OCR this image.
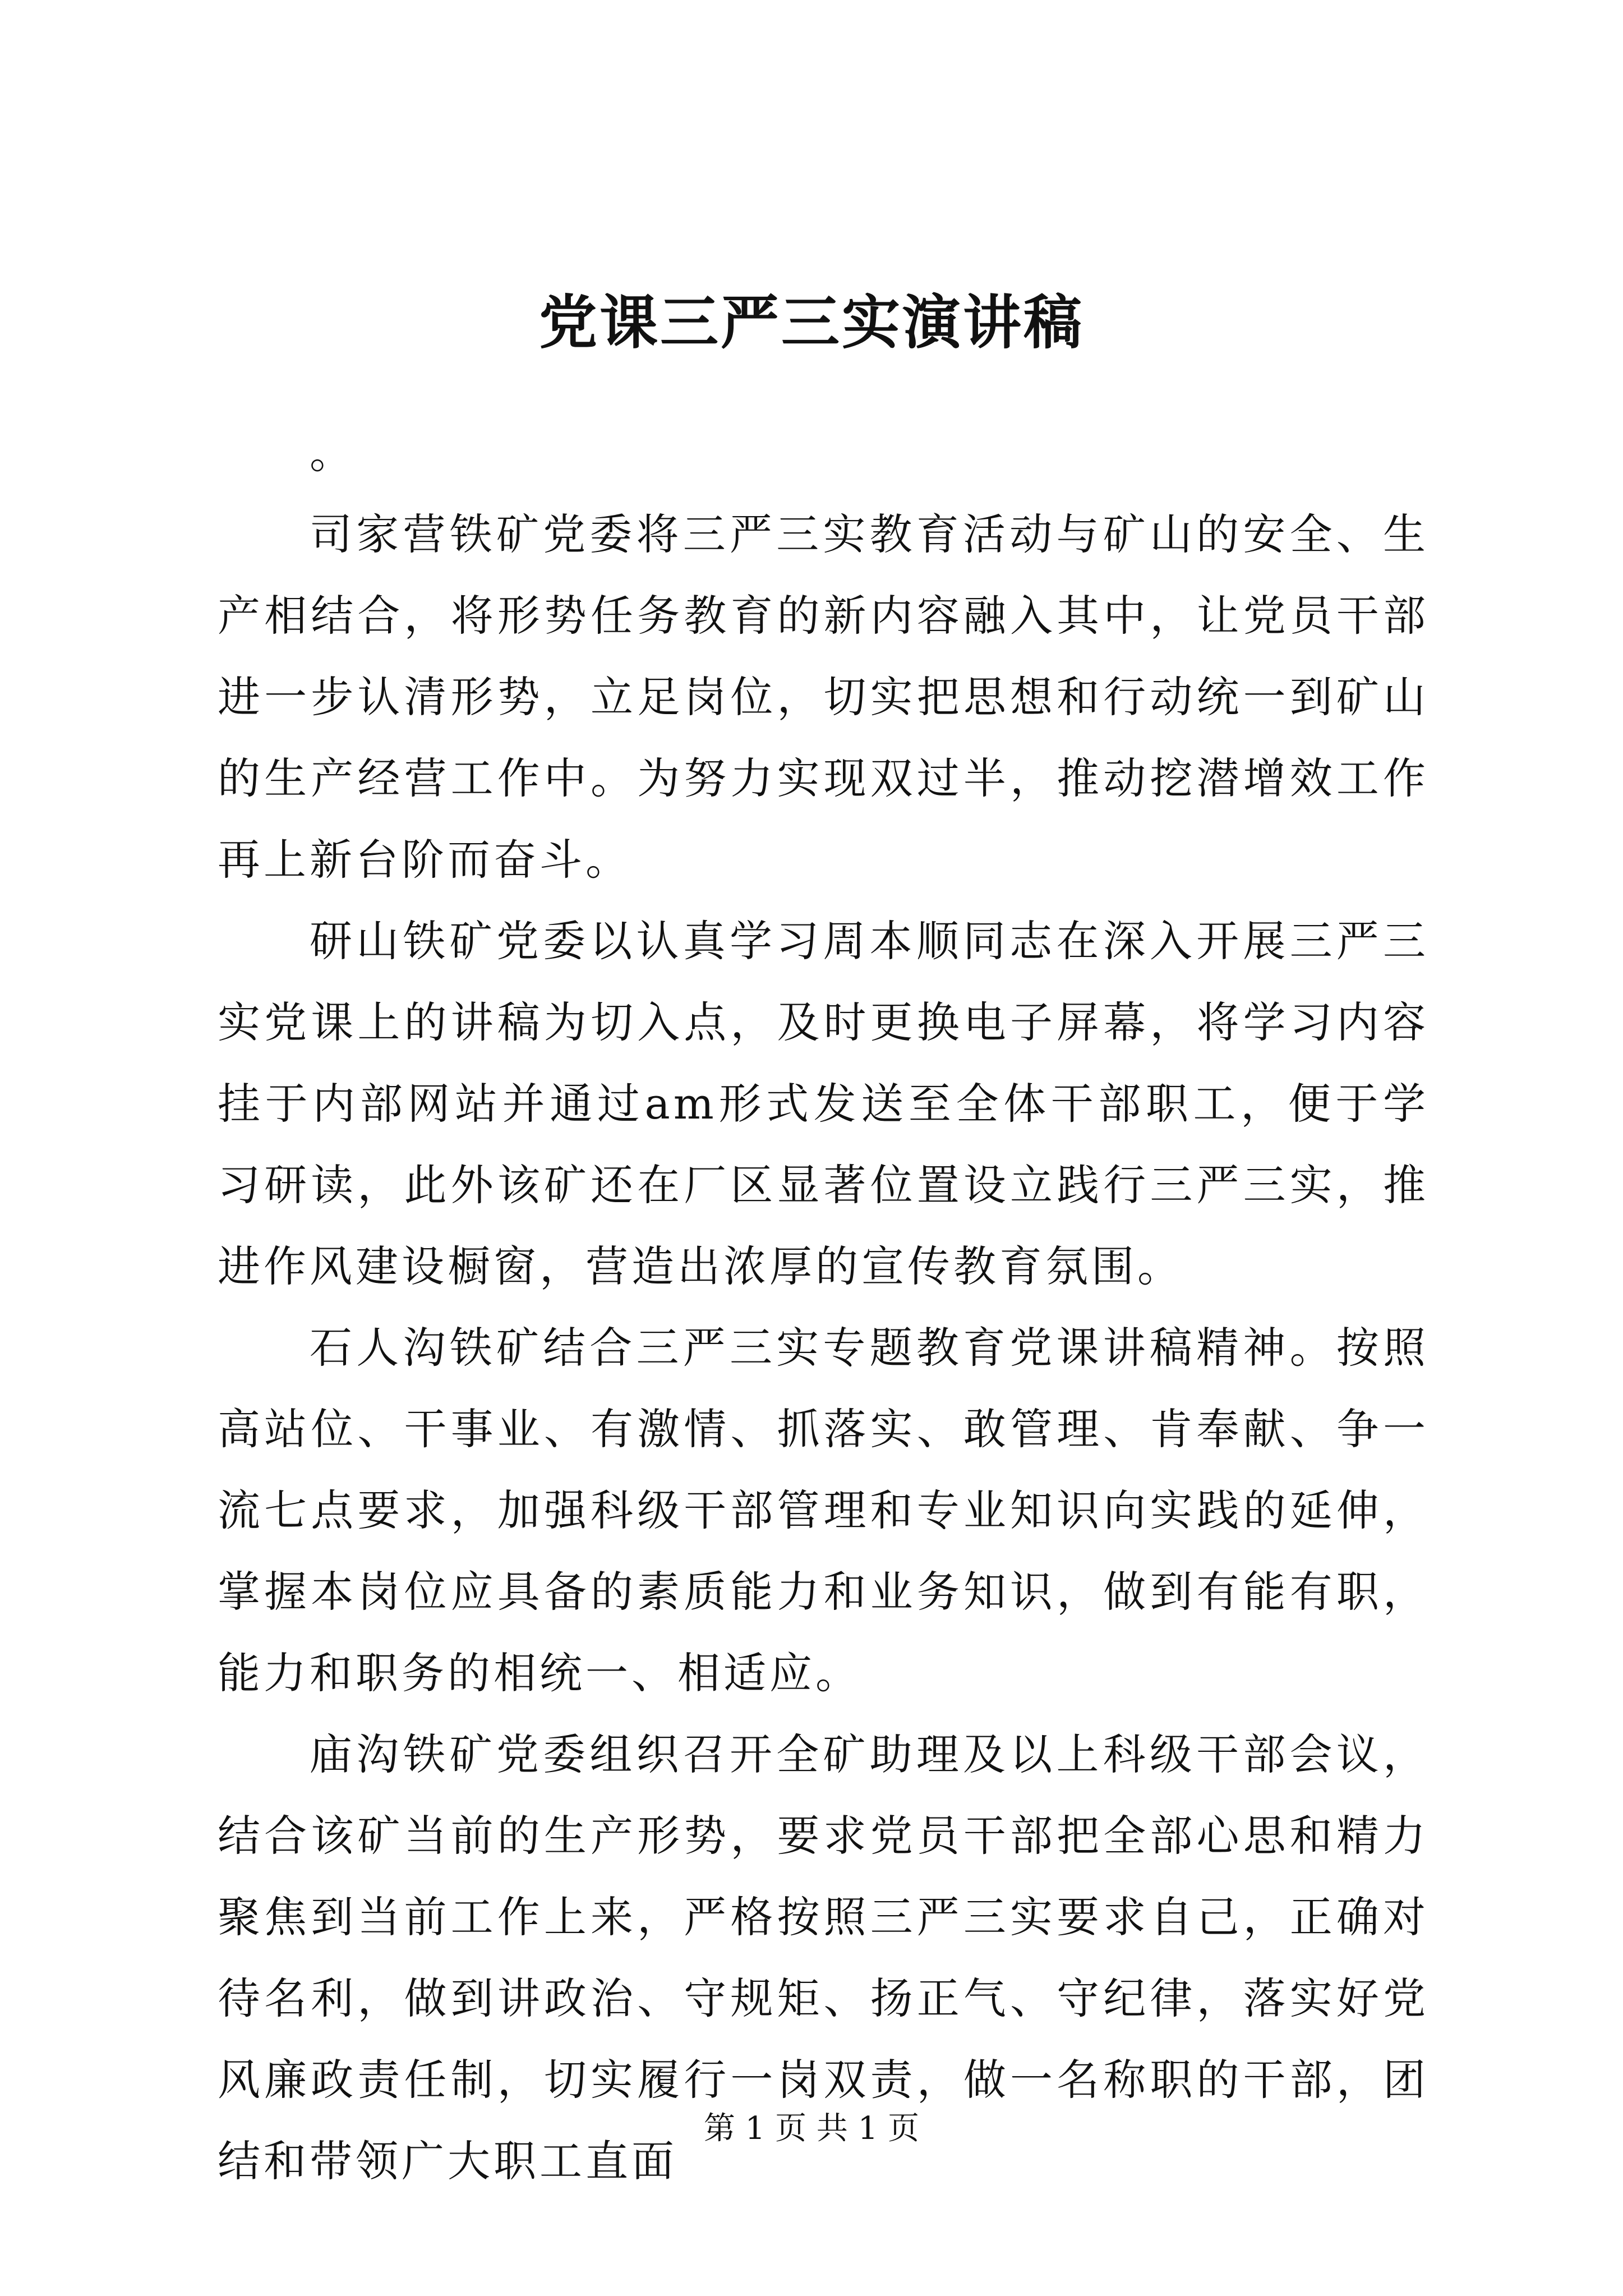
党课三严三实演讲稿

。

司家营铁矿党委将三严三实教育活动与矿山的安全、生产相结合，将形势任务教育的新内容融入其中，让党员干部进一步认清形势，立足岗位，切实把思想和行动统一到矿山的生产经营工作中。为努力实现双过半，推动挖潜增效工作再上新台阶而奋斗。

研山铁矿党委以认真学习周本顺同志在深入开展三严三实党课上的讲稿为切入点，及时更换电子屏幕，将学习内容挂于内部网站并通过am形式发送至全体干部职工，便于学习研读，此外该矿还在厂区显著位置设立践行三严三实，推进作风建设橱窗，营造出浓厚的宣传教育氛围。

石人沟铁矿结合三严三实专题教育党课讲稿精神。按照高站位、干事业、有激情、抓落实、敢管理、肯奉献、争一流七点要求，加强科级干部管理和专业知识向实践的延伸，掌握本岗位应具备的素质能力和业务知识，做到有能有职，能力和职务的相统一、相适应。

庙沟铁矿党委组织召开全矿助理及以上科级干部会议，结合该矿当前的生产形势，要求党员干部把全部心思和精力聚焦到当前工作上来，严格按照三严三实要求自己，正确对待名利，做到讲政治、守规矩、扬正气、守纪律，落实好党风廉政责任制，切实履行一岗双责，做一名称职的干部，团结和带领广大职工直面

第 1 页 共 1 页
